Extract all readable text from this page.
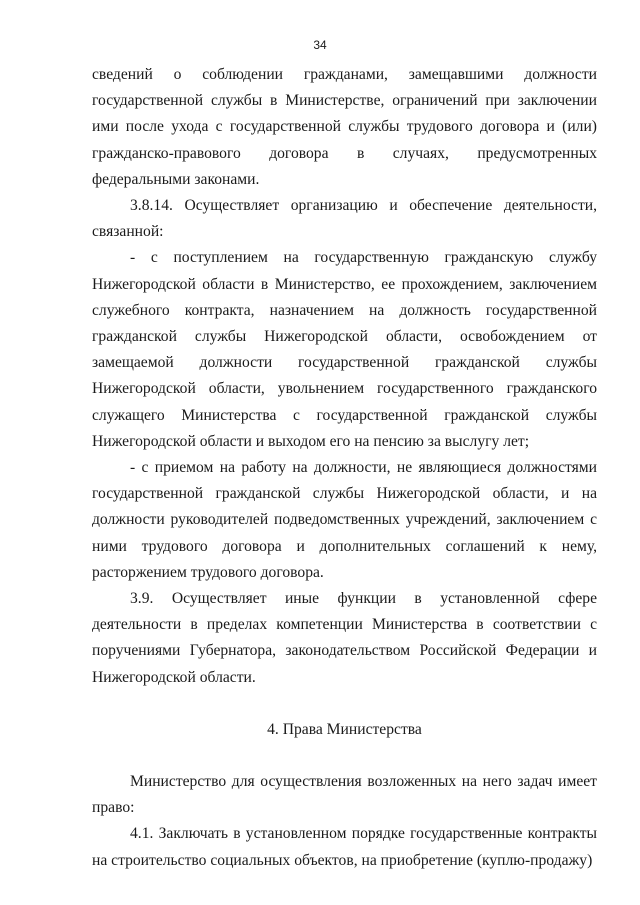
34

сведений о соблюдении гражданами, замещавшими должности государственной службы в Министерстве, ограничений при заключении ими после ухода с государственной службы трудового договора и (или) гражданско-правового договора в случаях, предусмотренных федеральными законами.

3.8.14. Осуществляет организацию и обеспечение деятельности, связанной:

- с поступлением на государственную гражданскую службу Нижегородской области в Министерство, ее прохождением, заключением служебного контракта, назначением на должность государственной гражданской службы Нижегородской области, освобождением от замещаемой должности государственной гражданской службы Нижегородской области, увольнением государственного гражданского служащего Министерства с государственной гражданской службы Нижегородской области и выходом его на пенсию за выслугу лет;

- с приемом на работу на должности, не являющиеся должностями государственной гражданской службы Нижегородской области, и на должности руководителей подведомственных учреждений, заключением с ними трудового договора и дополнительных соглашений к нему, расторжением трудового договора.

3.9. Осуществляет иные функции в установленной сфере деятельности в пределах компетенции Министерства в соответствии с поручениями Губернатора, законодательством Российской Федерации и Нижегородской области.

4. Права Министерства

Министерство для осуществления возложенных на него задач имеет право:

4.1. Заключать в установленном порядке государственные контракты на строительство социальных объектов, на приобретение (куплю-продажу)
